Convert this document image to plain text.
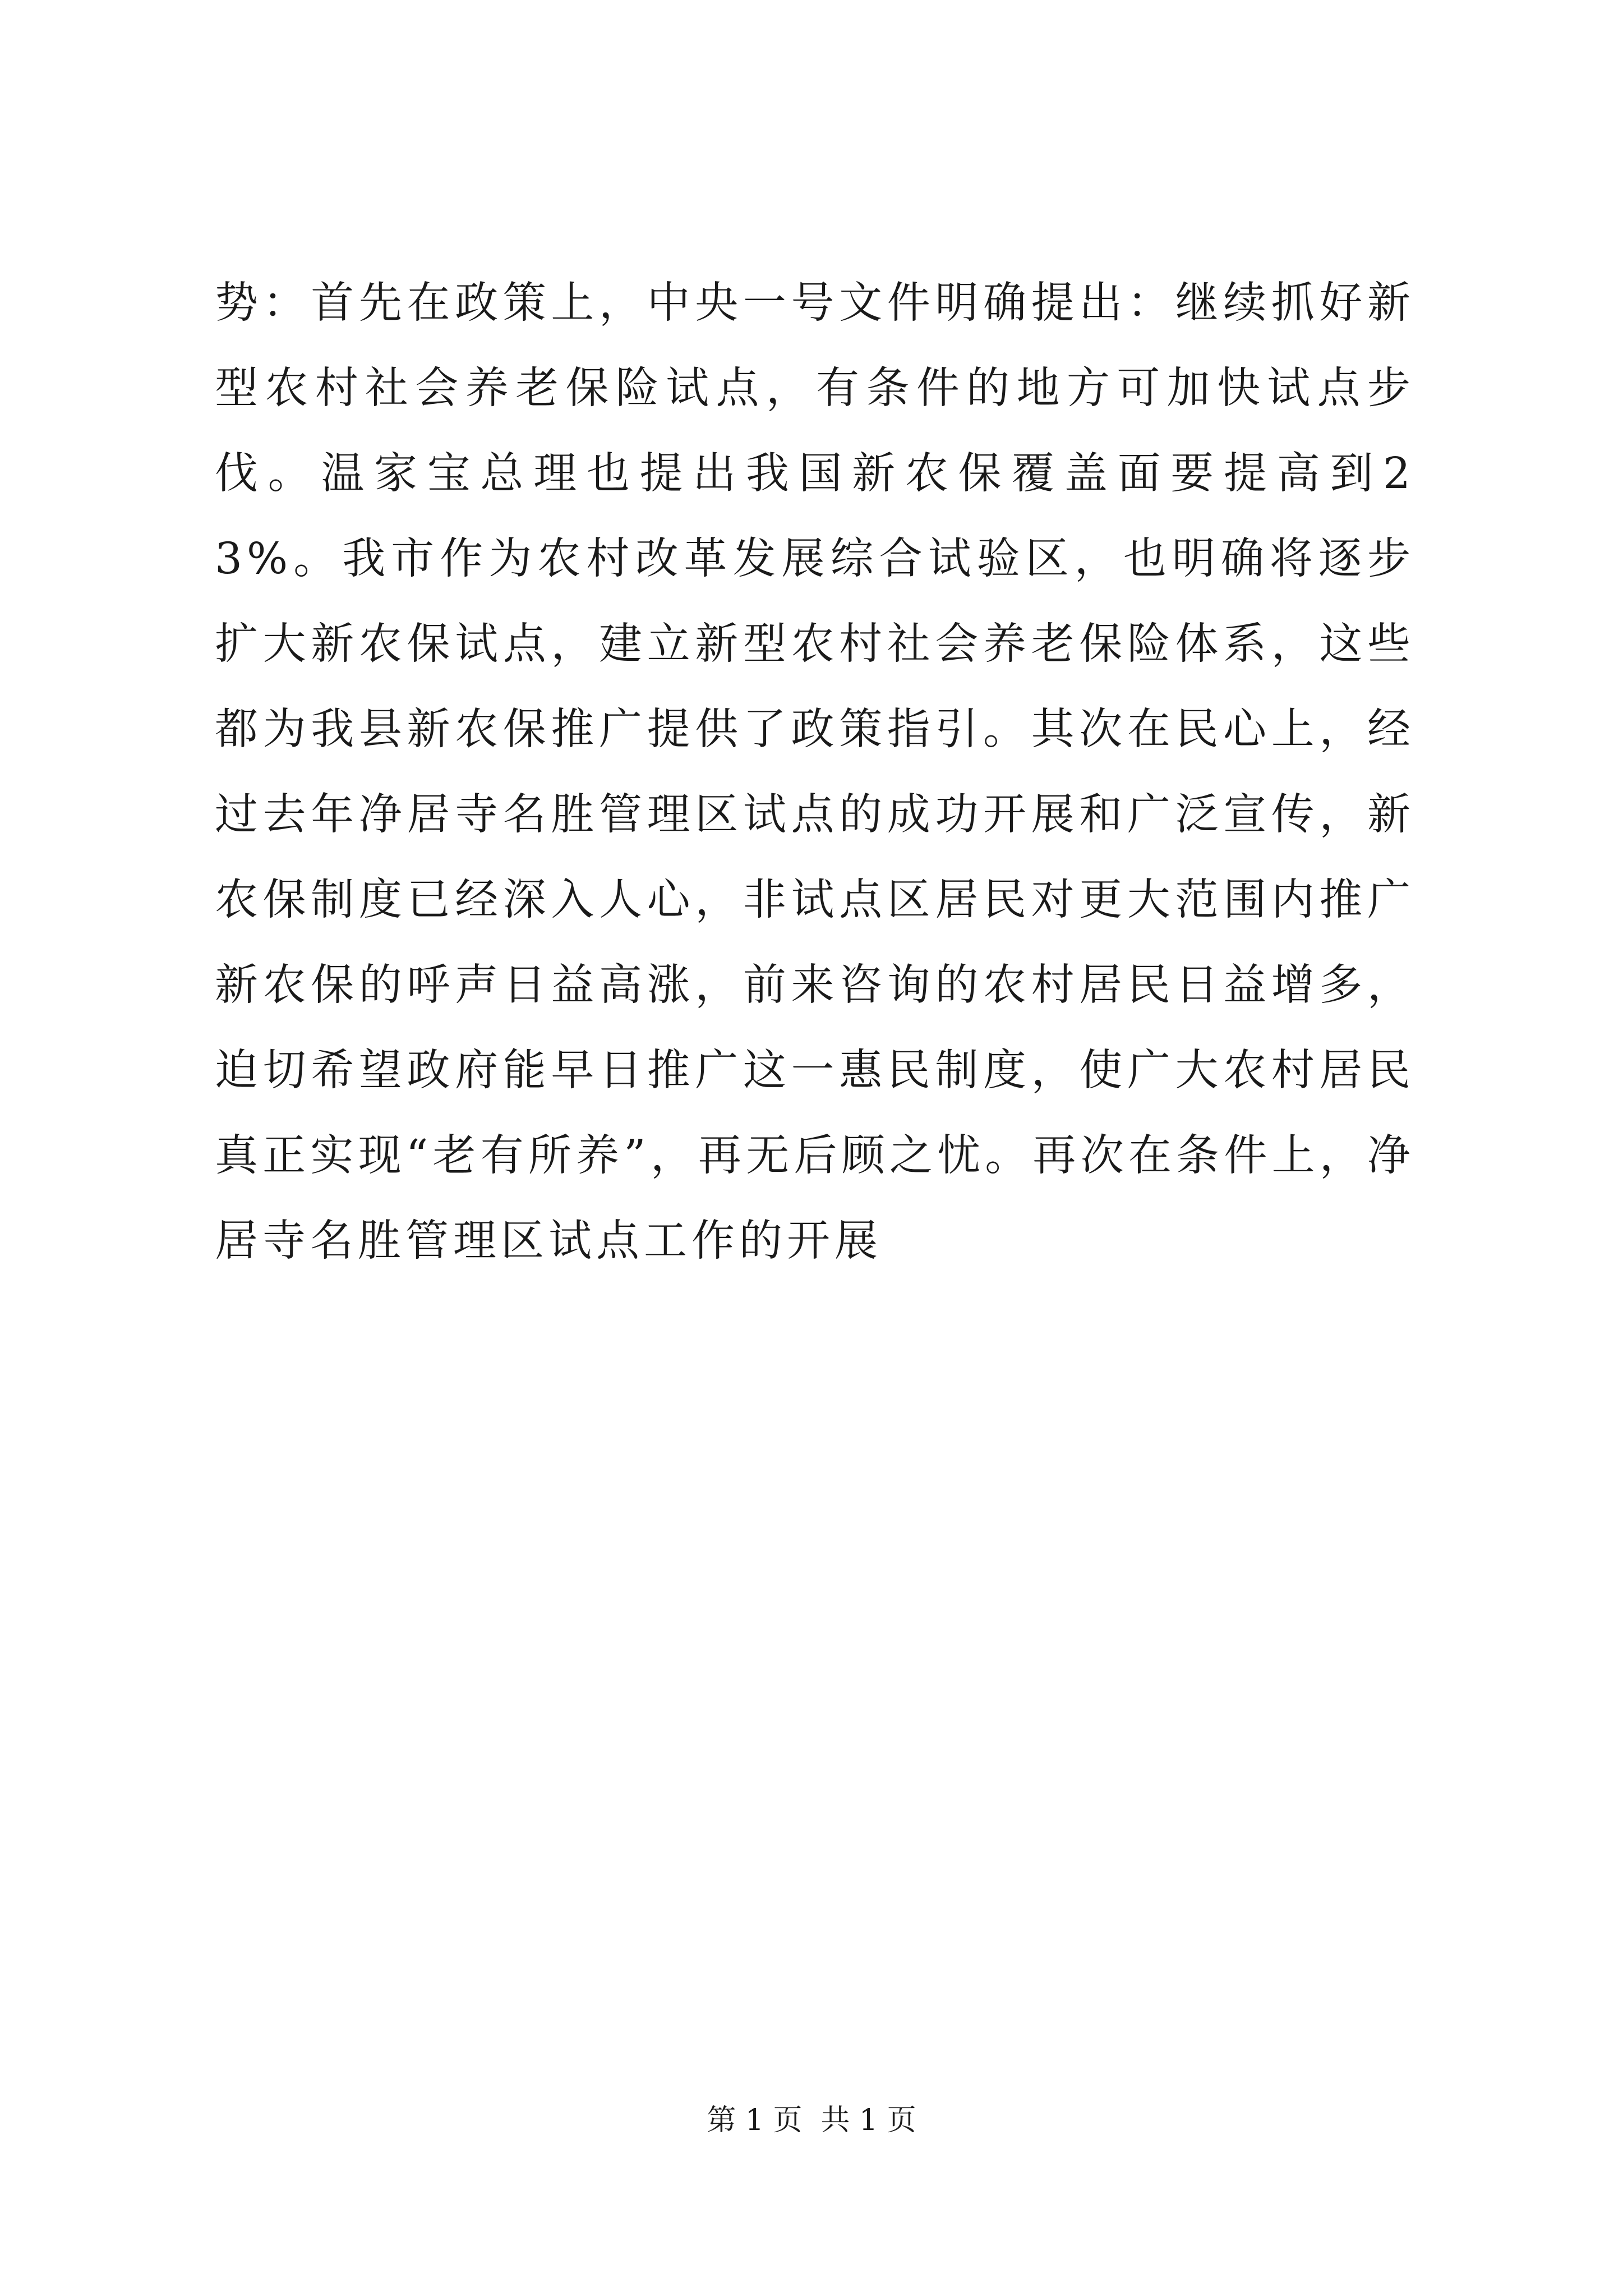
势：首先在政策上，中央一号文件明确提出：继续抓好新型农村社会养老保险试点，有条件的地方可加快试点步伐。温家宝总理也提出我国新农保覆盖面要提高到23%。我市作为农村改革发展综合试验区，也明确将逐步扩大新农保试点，建立新型农村社会养老保险体系，这些都为我县新农保推广提供了政策指引。其次在民心上，经过去年净居寺名胜管理区试点的成功开展和广泛宣传，新农保制度已经深入人心，非试点区居民对更大范围内推广新农保的呼声日益高涨，前来咨询的农村居民日益增多，迫切希望政府能早日推广这一惠民制度，使广大农村居民真正实现“老有所养”，再无后顾之忧。再次在条件上，净居寺名胜管理区试点工作的开展

第 1 页  共 1 页
